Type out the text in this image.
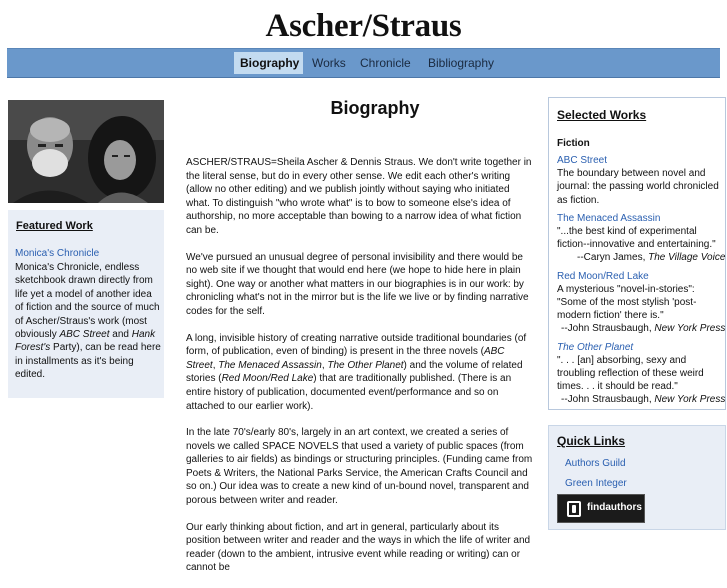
Ascher/Straus
Biography	Works	Chronicle	Bibliography
Featured Work
Monica's Chronicle
Monica's Chronicle, endless sketchbook drawn directly from life yet a model of another idea of fiction and the source of much of Ascher/Straus's work (most obviously ABC Street and Hank Forest's Party), can be read here in installments as it's being edited.
Biography

ASCHER/STRAUS=Sheila Ascher & Dennis Straus. We don't write together in the literal sense, but do in every other sense. We edit each other's writing (allow no other editing) and we publish jointly without saying who initiated what. To distinguish "who wrote what" is to bow to someone else's idea of authorship, no more acceptable than bowing to a narrow idea of what fiction can be.

We've pursued an unusual degree of personal invisibility and there would be no web site if we thought that would end here (we hope to hide here in plain sight). One way or another what matters in our biographies is in our work: by chronicling what's not in the mirror but is the life we live or by finding narrative codes for the self.

A long, invisible history of creating narrative outside traditional boundaries (of form, of publication, even of binding) is present in the three novels (ABC Street, The Menaced Assassin, The Other Planet) and the volume of related stories (Red Moon/Red Lake) that are traditionally published. (There is an entire history of publication, documented event/performance and so on attached to our earlier work).

In the late 70's/early 80's, largely in an art context, we created a series of novels we called SPACE NOVELS that used a variety of public spaces (from galleries to air fields) as bindings or structuring principles. (Funding came from Poets & Writers, the National Parks Service, the American Crafts Council and so on.) Our idea was to create a new kind of un-bound novel, transparent and porous between writer and reader.

Our early thinking about fiction, and art in general, particularly about its position between writer and reader and the ways in which the life of writer and reader (down to the ambient, intrusive event while reading or writing) can or cannot be

Selected Works
Fiction
ABC Street
The boundary between novel and journal: the passing world chronicled as fiction.
The Menaced Assassin
"...the best kind of experimental fiction--innovative and entertaining."
--Caryn James, The Village Voice
Red Moon/Red Lake
A mysterious "novel-in-stories": "Some of the most stylish 'post-modern fiction' there is."
--John Strausbaugh, New York Press
The Other Planet
". . . [an] absorbing, sexy and troubling reflection of these weird times. . . it should be read."
--John Strausbaugh, New York Press
Quick Links
Authors Guild
Green Integer
findauthors
